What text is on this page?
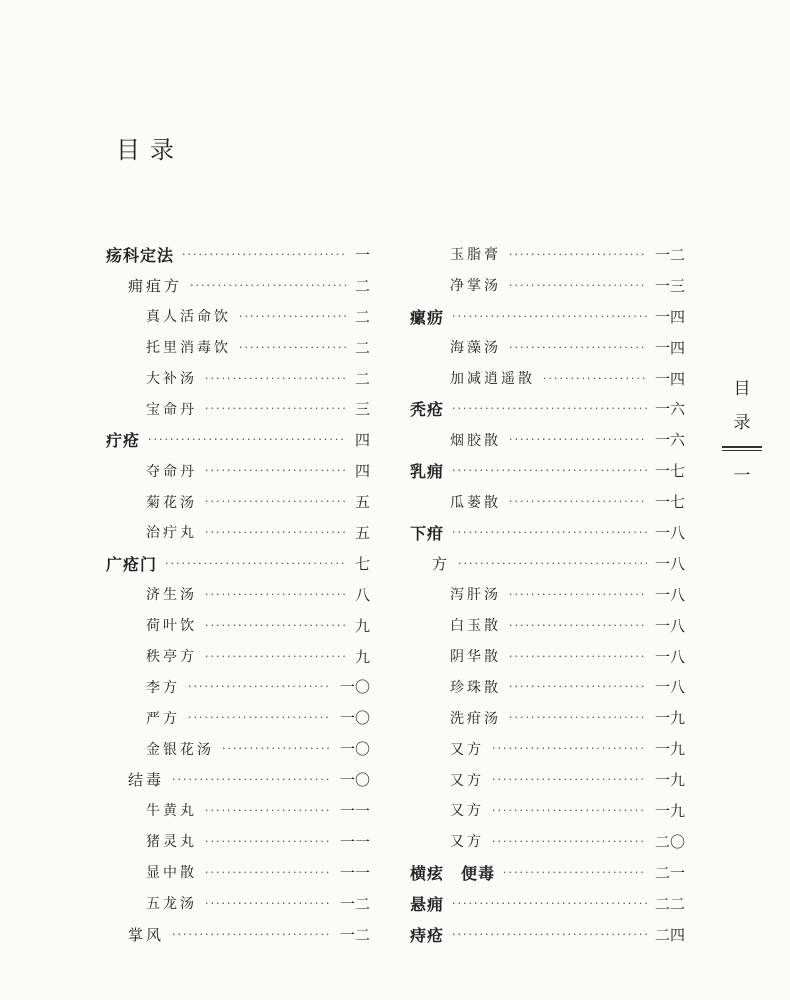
目录
疡科定法 ·····	一
痈疽方 ·····	二
真人活命饮 ·····	二
托里消毒饮 ·····	二
大补汤 ·····	二
宝命丹 ·····	三
疔疮 ·····	四
夺命丹 ·····	四
菊花汤 ·····	五
治疔丸 ·····	五
广疮门 ·····	七
济生汤 ·····	八
荷叶饮 ·····	九
秩亭方 ·····	九
李方 ·····	一〇
严方 ·····	一〇
金银花汤 ·····	一〇
结毒 ·····	一〇
牛黄丸 ·····	一一
猪灵丸 ·····	一一
显中散 ·····	一一
五龙汤 ·····	一二
掌风 ·····	一二
玉脂膏 ·····	一二
净掌汤 ·····	一三
瘰疬 ·····	一四
海藻汤 ·····	一四
加减逍遥散 ·····	一四
秃疮 ·····	一六
烟胶散 ·····	一六
乳痈 ·····	一七
瓜蒌散 ·····	一七
下疳 ·····	一八
方 ·····	一八
泻肝汤 ·····	一八
白玉散 ·····	一八
阴华散 ·····	一八
珍珠散 ·····	一八
洗疳汤 ·····	一九
又方 ·····	一九
又方 ·····	一九
又方 ·····	一九
又方 ·····	二〇
横痃　便毒 ·····	二一
悬痈 ·····	二二
痔疮 ·····	二四
目
录
一
